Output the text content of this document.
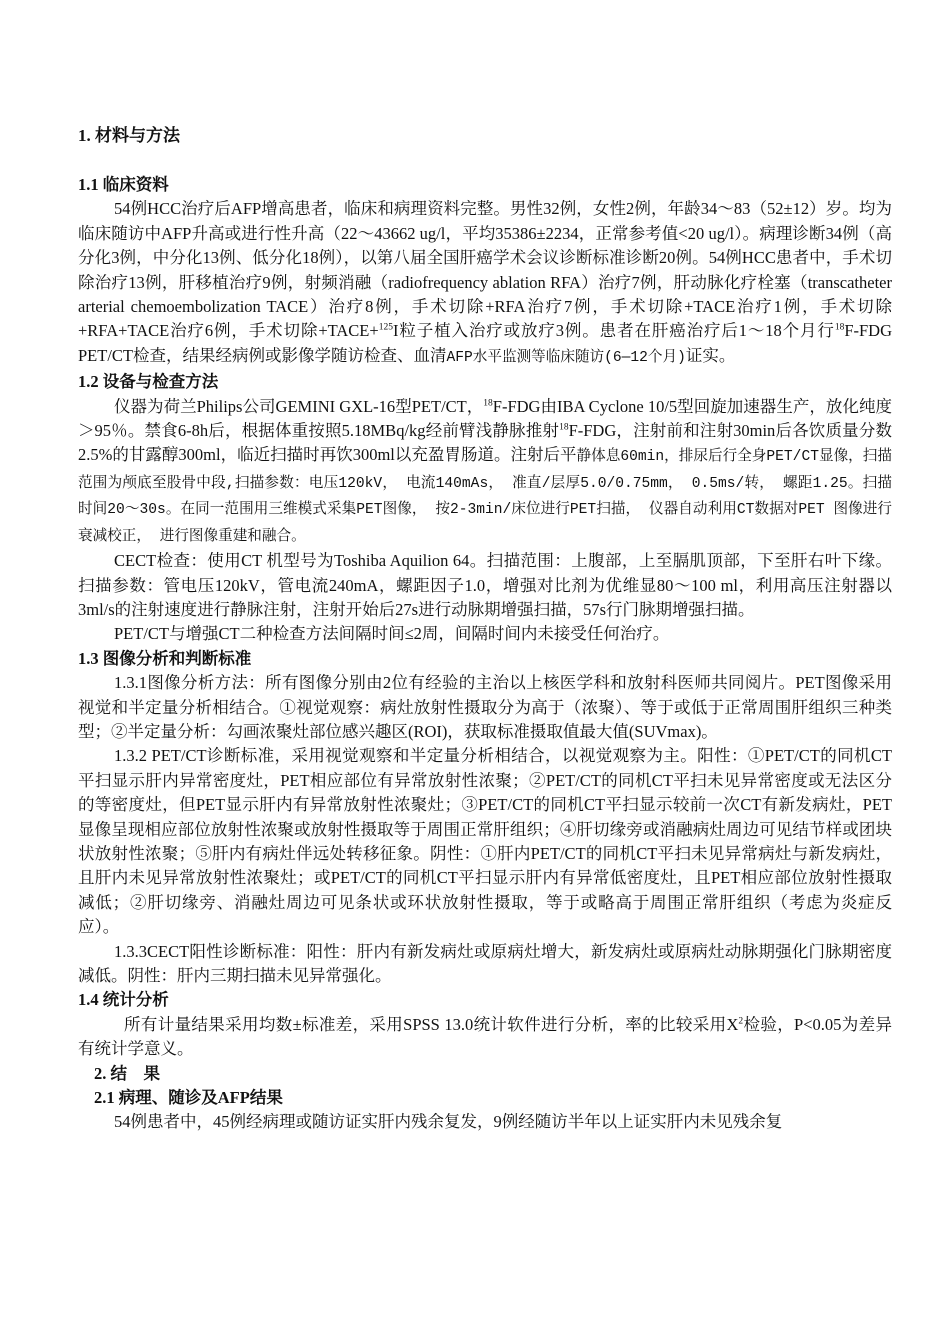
1. 材料与方法
1.1 临床资料

54例HCC治疗后AFP增高患者，临床和病理资料完整。男性32例，女性2例，年龄34～83（52±12）岁。均为临床随访中AFP升高或进行性升高（22～43662 ug/l，平均35386±2234，正常参考值<20 ug/l）。病理诊断34例（高分化3例，中分化13例、低分化18例），以第八届全国肝癌学术会议诊断标准诊断20例。54例HCC患者中，手术切除治疗13例，肝移植治疗9例，射频消融（radiofrequency ablation RFA）治疗7例，肝动脉化疗栓塞（transcatheter arterial chemoembolization TACE）治疗8例，手术切除+RFA治疗7例，手术切除+TACE治疗1例，手术切除+RFA+TACE治疗6例，手术切除+TACE+$^{125}$I粒子植入治疗或放疗3例。患者在肝癌治疗后1～18个月行$^{18}$F-FDG PET/CT检查，结果经病例或影像学随访检查、血清AFP水平监测等临床随访(6—12个月)证实。

1.2 设备与检查方法

仪器为荷兰Philips公司GEMINI GXL-16型PET/CT，$^{18}$F-FDG由IBA Cyclone 10/5型回旋加速器生产，放化纯度＞95％。禁食6-8h后，根据体重按照5.18MBq/kg经前臂浅静脉推射$^{18}$F-FDG，注射前和注射30min后各饮质量分数2.5%的甘露醇300ml，临近扫描时再饮300ml以充盈胃肠道。注射后平静体息60min，排尿后行全身PET/CT显像，扫描范围为颅底至股骨中段,扫描参数：电压120kV， 电流140mAs， 准直/层厚5.0/0.75mm， 0.5ms/转， 螺距1.25。扫描时间20～30s。在同一范围用三维模式采集PET图像， 按2-3min/床位进行PET扫描， 仪器自动利用CT数据对PET 图像进行衰减校正， 进行图像重建和融合。

CECT检查：使用CT 机型号为Toshiba Aquilion 64。扫描范围：上腹部，上至膈肌顶部，下至肝右叶下缘。扫描参数：管电压120kV，管电流240mA，螺距因子1.0，增强对比剂为优维显80～100 ml，利用高压注射器以3ml/s的注射速度进行静脉注射，注射开始后27s进行动脉期增强扫描，57s行门脉期增强扫描。

PET/CT与增强CT二种检查方法间隔时间≤2周，间隔时间内未接受任何治疗。

1.3 图像分析和判断标准

1.3.1图像分析方法：所有图像分别由2位有经验的主治以上核医学科和放射科医师共同阅片。PET图像采用视觉和半定量分析相结合。①视觉观察：病灶放射性摄取分为高于（浓聚）、等于或低于正常周围肝组织三种类型；②半定量分析：勾画浓聚灶部位感兴趣区(ROI)，获取标准摄取值最大值(SUVmax)。

1.3.2 PET/CT诊断标准，采用视觉观察和半定量分析相结合，以视觉观察为主。阳性：①PET/CT的同机CT平扫显示肝内异常密度灶，PET相应部位有异常放射性浓聚；②PET/CT的同机CT平扫未见异常密度或无法区分的等密度灶，但PET显示肝内有异常放射性浓聚灶；③PET/CT的同机CT平扫显示较前一次CT有新发病灶，PET显像呈现相应部位放射性浓聚或放射性摄取等于周围正常肝组织；④肝切缘旁或消融病灶周边可见结节样或团块状放射性浓聚；⑤肝内有病灶伴远处转移征象。阴性：①肝内PET/CT的同机CT平扫未见异常病灶与新发病灶，且肝内未见异常放射性浓聚灶；或PET/CT的同机CT平扫显示肝内有异常低密度灶，且PET相应部位放射性摄取减低；②肝切缘旁、消融灶周边可见条状或环状放射性摄取，等于或略高于周围正常肝组织（考虑为炎症反应）。

1.3.3CECT阳性诊断标准：阳性：肝内有新发病灶或原病灶增大，新发病灶或原病灶动脉期强化门脉期密度减低。阴性：肝内三期扫描未见异常强化。

1.4 统计分析

所有计量结果采用均数±标准差，采用SPSS 13.0统计软件进行分析，率的比较采用$X^2$检验，P<0.05为差异有统计学意义。

2. 结　果
2.1 病理、随诊及AFP结果

54例患者中，45例经病理或随访证实肝内残余复发，9例经随访半年以上证实肝内未见残余复
